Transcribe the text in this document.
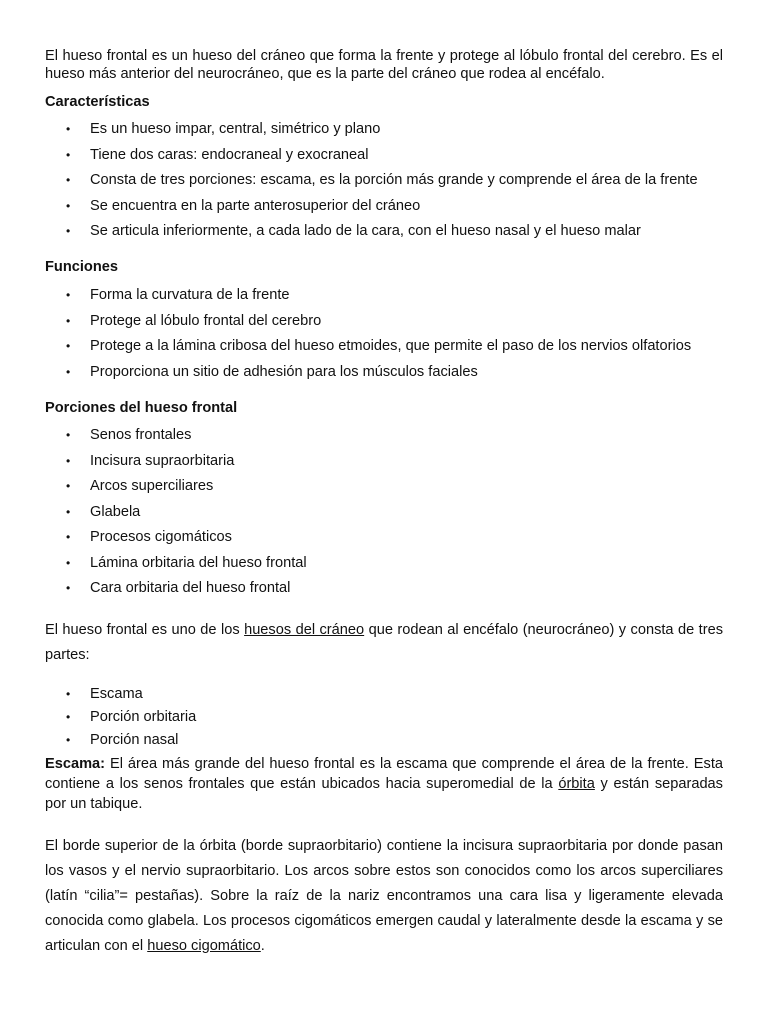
El hueso frontal es un hueso del cráneo que forma la frente y protege al lóbulo frontal del cerebro. Es el hueso más anterior del neurocráneo, que es la parte del cráneo que rodea al encéfalo.
Características
• Es un hueso impar, central, simétrico y plano
• Tiene dos caras: endocraneal y exocraneal
• Consta de tres porciones: escama, es la porción más grande y comprende el área de la frente
• Se encuentra en la parte anterosuperior del cráneo
• Se articula inferiormente, a cada lado de la cara, con el hueso nasal y el hueso malar
Funciones
• Forma la curvatura de la frente
• Protege al lóbulo frontal del cerebro
• Protege a la lámina cribosa del hueso etmoides, que permite el paso de los nervios olfatorios
• Proporciona un sitio de adhesión para los músculos faciales
Porciones del hueso frontal
• Senos frontales
• Incisura supraorbitaria
• Arcos superciliares
• Glabela
• Procesos cigomáticos
• Lámina orbitaria del hueso frontal
• Cara orbitaria del hueso frontal
El hueso frontal es uno de los huesos del cráneo que rodean al encéfalo (neurocráneo) y consta de tres partes:
• Escama
• Porción orbitaria
• Porción nasal
Escama: El área más grande del hueso frontal es la escama que comprende el área de la frente. Esta contiene a los senos frontales que están ubicados hacia superomedial de la órbita y están separadas por un tabique.
El borde superior de la órbita (borde supraorbitario) contiene la incisura supraorbitaria por donde pasan los vasos y el nervio supraorbitario. Los arcos sobre estos son conocidos como los arcos superciliares (latín “cilia”= pestañas). Sobre la raíz de la nariz encontramos una cara lisa y ligeramente elevada conocida como glabela. Los procesos cigomáticos emergen caudal y lateralmente desde la escama y se articulan con el hueso cigomático.
